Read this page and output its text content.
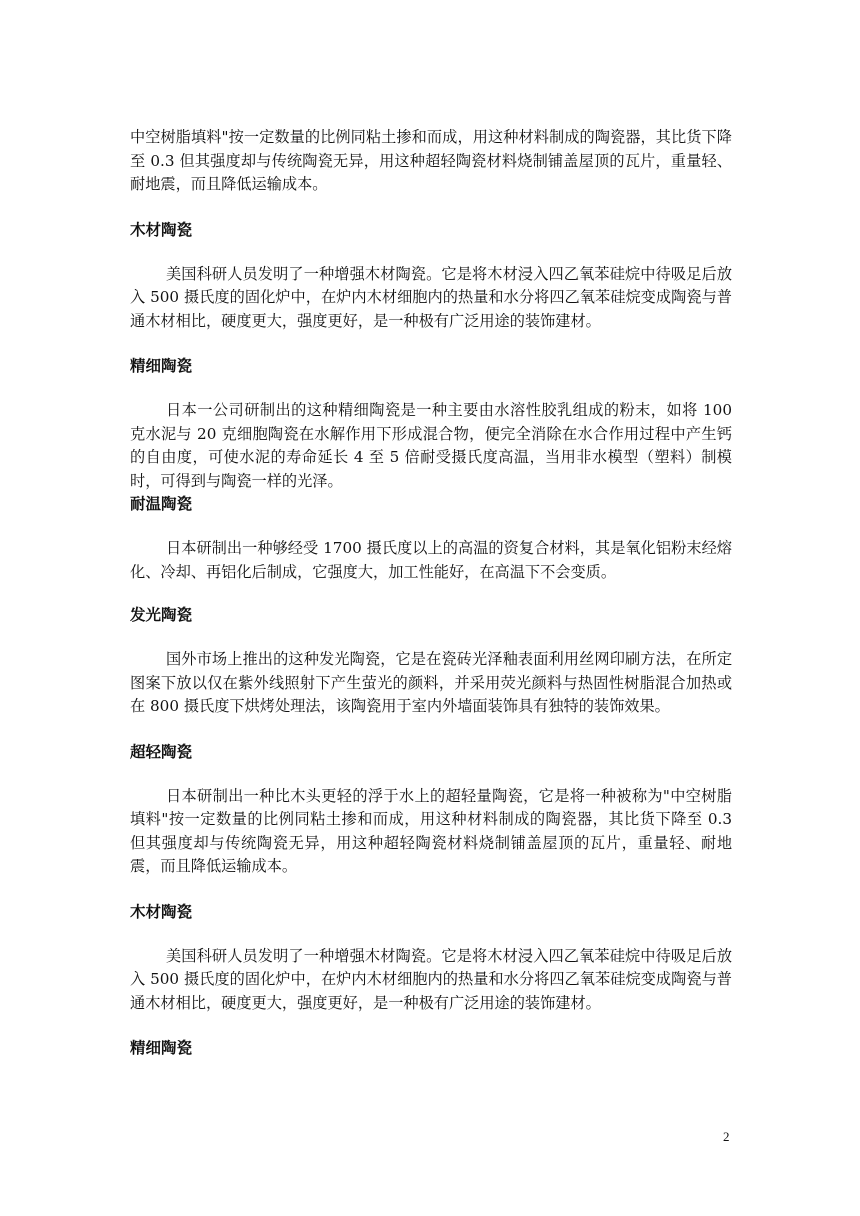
中空树脂填料"按一定数量的比例同粘土掺和而成，用这种材料制成的陶瓷器，其比货下降至 0.3 但其强度却与传统陶瓷无异，用这种超轻陶瓷材料烧制铺盖屋顶的瓦片，重量轻、耐地震，而且降低运输成本。

木材陶瓷

美国科研人员发明了一种增强木材陶瓷。它是将木材浸入四乙氧苯硅烷中待吸足后放入 500 摄氏度的固化炉中，在炉内木材细胞内的热量和水分将四乙氧苯硅烷变成陶瓷与普通木材相比，硬度更大，强度更好，是一种极有广泛用途的装饰建材。

精细陶瓷

日本一公司研制出的这种精细陶瓷是一种主要由水溶性胶乳组成的粉末，如将 100 克水泥与 20 克细胞陶瓷在水解作用下形成混合物，便完全消除在水合作用过程中产生钙的自由度，可使水泥的寿命延长 4 至 5 倍耐受摄氏度高温，当用非水模型（塑料）制模时，可得到与陶瓷一样的光泽。

耐温陶瓷

日本研制出一种够经受 1700 摄氏度以上的高温的资复合材料，其是氧化铝粉末经熔化、冷却、再铝化后制成，它强度大，加工性能好，在高温下不会变质。

发光陶瓷

国外市场上推出的这种发光陶瓷，它是在瓷砖光泽釉表面利用丝网印刷方法，在所定图案下放以仅在紫外线照射下产生萤光的颜料，并采用荧光颜料与热固性树脂混合加热或在 800 摄氏度下烘烤处理法，该陶瓷用于室内外墙面装饰具有独特的装饰效果。

超轻陶瓷

日本研制出一种比木头更轻的浮于水上的超轻量陶瓷，它是将一种被称为"中空树脂填料"按一定数量的比例同粘土掺和而成，用这种材料制成的陶瓷器，其比货下降至 0.3 但其强度却与传统陶瓷无异，用这种超轻陶瓷材料烧制铺盖屋顶的瓦片，重量轻、耐地震，而且降低运输成本。

木材陶瓷

美国科研人员发明了一种增强木材陶瓷。它是将木材浸入四乙氧苯硅烷中待吸足后放入 500 摄氏度的固化炉中，在炉内木材细胞内的热量和水分将四乙氧苯硅烷变成陶瓷与普通木材相比，硬度更大，强度更好，是一种极有广泛用途的装饰建材。

精细陶瓷
2
